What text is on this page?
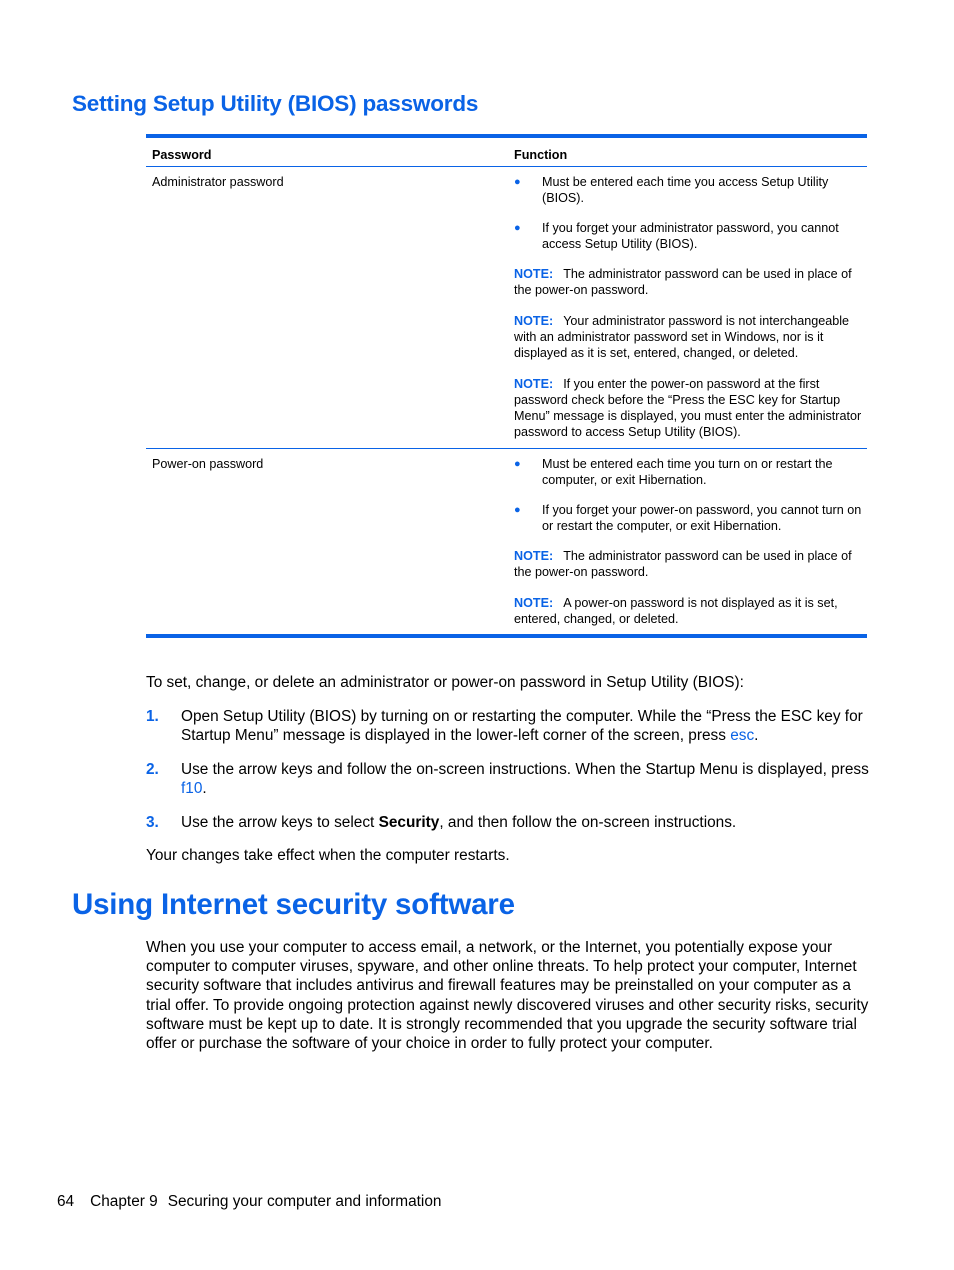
Setting Setup Utility (BIOS) passwords
Password	Function
Administrator password	●	Must be entered each time you access Setup Utility (BIOS).
●	If you forget your administrator password, you cannot access Setup Utility (BIOS).
NOTE: The administrator password can be used in place of the power-on password.
NOTE: Your administrator password is not interchangeable with an administrator password set in Windows, nor is it displayed as it is set, entered, changed, or deleted.
NOTE: If you enter the power-on password at the first password check before the “Press the ESC key for Startup Menu” message is displayed, you must enter the administrator password to access Setup Utility (BIOS).
Power-on password	●	Must be entered each time you turn on or restart the computer, or exit Hibernation.
●	If you forget your power-on password, you cannot turn on or restart the computer, or exit Hibernation.
NOTE: The administrator password can be used in place of the power-on password.
NOTE: A power-on password is not displayed as it is set, entered, changed, or deleted.

To set, change, or delete an administrator or power-on password in Setup Utility (BIOS):

1.	Open Setup Utility (BIOS) by turning on or restarting the computer. While the “Press the ESC key for Startup Menu” message is displayed in the lower-left corner of the screen, press esc.
2.	Use the arrow keys and follow the on-screen instructions. When the Startup Menu is displayed, press f10.
3.	Use the arrow keys to select Security, and then follow the on-screen instructions.

Your changes take effect when the computer restarts.

Using Internet security software

When you use your computer to access email, a network, or the Internet, you potentially expose your computer to computer viruses, spyware, and other online threats. To help protect your computer, Internet security software that includes antivirus and firewall features may be preinstalled on your computer as a trial offer. To provide ongoing protection against newly discovered viruses and other security risks, security software must be kept up to date. It is strongly recommended that you upgrade the security software trial offer or purchase the software of your choice in order to fully protect your computer.

64 Chapter 9 Securing your computer and information
